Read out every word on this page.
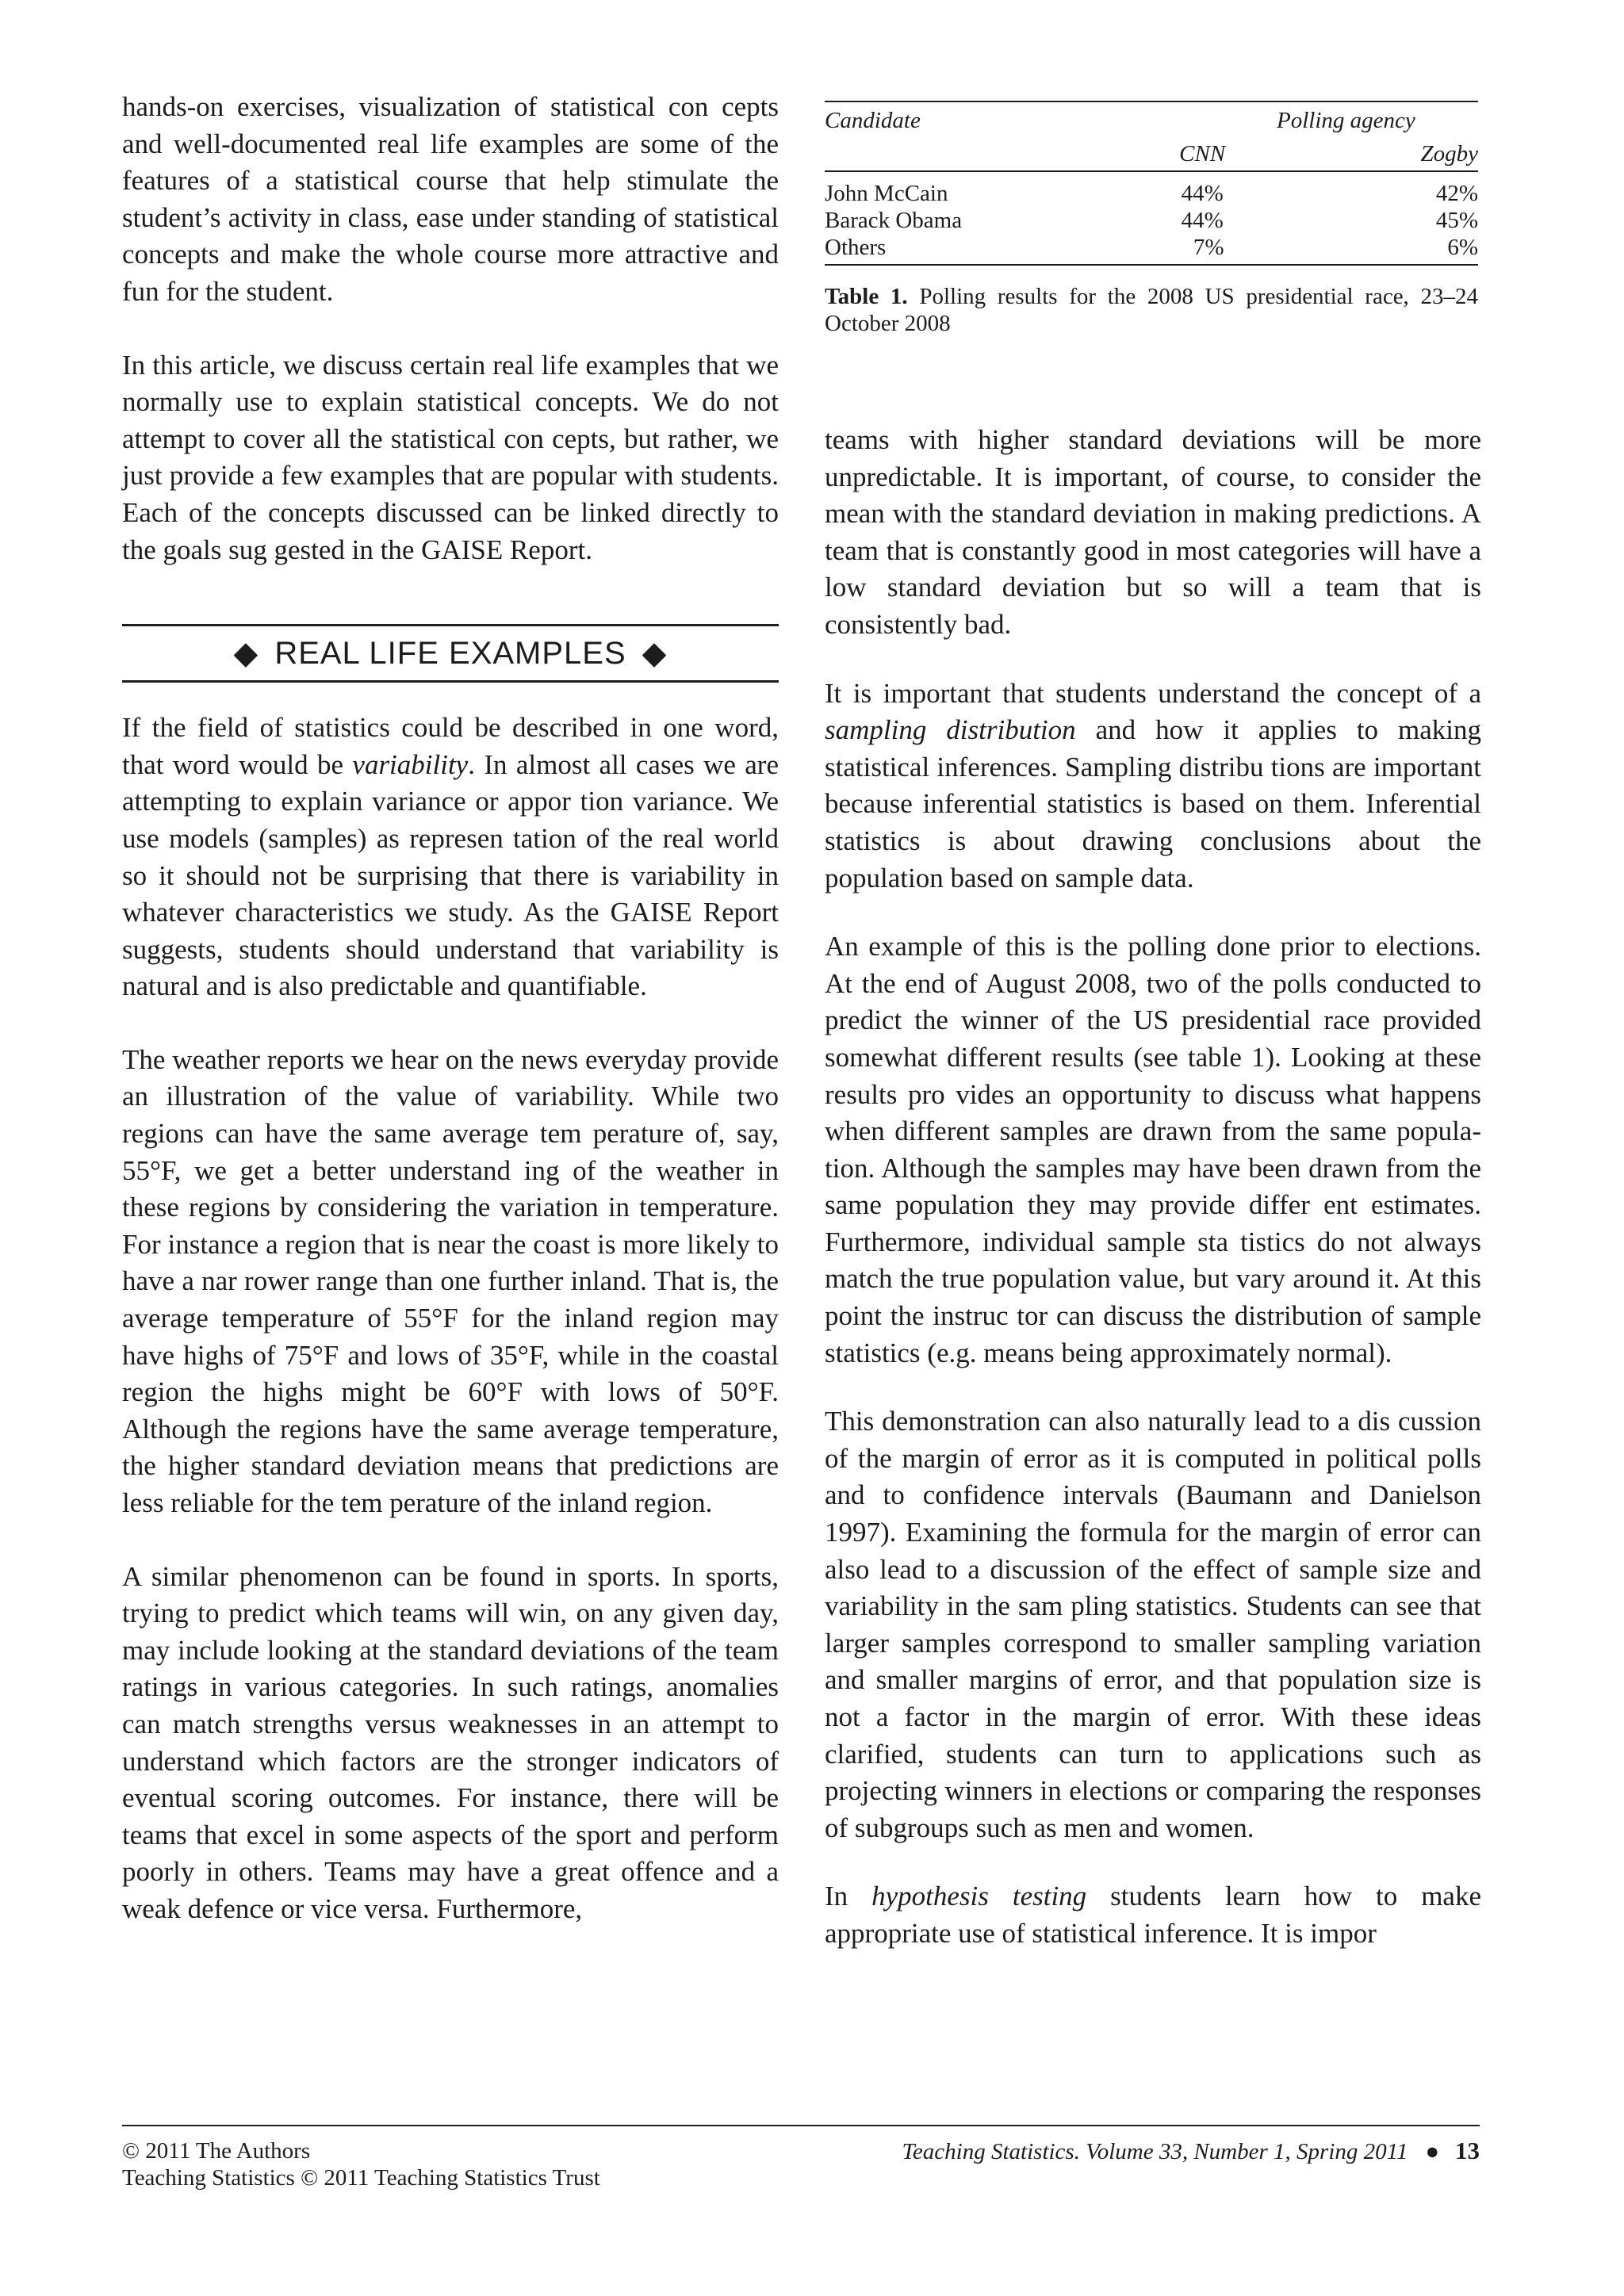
hands-on exercises, visualization of statistical con cepts and well-documented real life examples are some of the features of a statistical course that help stimulate the student’s activity in class, ease under standing of statistical concepts and make the whole course more attractive and fun for the student.

In this article, we discuss certain real life examples that we normally use to explain statistical concepts. We do not attempt to cover all the statistical con cepts, but rather, we just provide a few examples that are popular with students. Each of the concepts discussed can be linked directly to the goals sug gested in the GAISE Report.

◆ REAL LIFE EXAMPLES ◆

If the field of statistics could be described in one word, that word would be variability. In almost all cases we are attempting to explain variance or appor tion variance. We use models (samples) as represen tation of the real world so it should not be surprising that there is variability in whatever characteristics we study. As the GAISE Report suggests, students should understand that variability is natural and is also predictable and quantifiable.

The weather reports we hear on the news everyday provide an illustration of the value of variability. While two regions can have the same average tem perature of, say, 55°F, we get a better understand ing of the weather in these regions by considering the variation in temperature. For instance a region that is near the coast is more likely to have a nar rower range than one further inland. That is, the average temperature of 55°F for the inland region may have highs of 75°F and lows of 35°F, while in the coastal region the highs might be 60°F with lows of 50°F. Although the regions have the same average temperature, the higher standard deviation means that predictions are less reliable for the tem perature of the inland region.

A similar phenomenon can be found in sports. In sports, trying to predict which teams will win, on any given day, may include looking at the standard deviations of the team ratings in various categories. In such ratings, anomalies can match strengths versus weaknesses in an attempt to understand which factors are the stronger indicators of eventual scoring outcomes. For instance, there will be teams that excel in some aspects of the sport and perform poorly in others. Teams may have a great offence and a weak defence or vice versa. Furthermore,

Candidate	Polling agency	
	CNN	Zogby
John McCain	44%	42%
Barack Obama	44%	45%
Others	7%	6%
Table 1. Polling results for the 2008 US presidential race, 23–24 October 2008

teams with higher standard deviations will be more unpredictable. It is important, of course, to consider the mean with the standard deviation in making predictions. A team that is constantly good in most categories will have a low standard deviation but so will a team that is consistently bad.

It is important that students understand the concept of a sampling distribution and how it applies to making statistical inferences. Sampling distribu tions are important because inferential statistics is based on them. Inferential statistics is about drawing conclusions about the population based on sample data.

An example of this is the polling done prior to elections. At the end of August 2008, two of the polls conducted to predict the winner of the US presidential race provided somewhat different results (see table 1). Looking at these results pro vides an opportunity to discuss what happens when different samples are drawn from the same popula tion. Although the samples may have been drawn from the same population they may provide differ ent estimates. Furthermore, individual sample sta tistics do not always match the true population value, but vary around it. At this point the instruc tor can discuss the distribution of sample statistics (e.g. means being approximately normal).

This demonstration can also naturally lead to a dis cussion of the margin of error as it is computed in political polls and to confidence intervals (Baumann and Danielson 1997). Examining the formula for the margin of error can also lead to a discussion of the effect of sample size and variability in the sam pling statistics. Students can see that larger samples correspond to smaller sampling variation and smaller margins of error, and that population size is not a factor in the margin of error. With these ideas clarified, students can turn to applications such as projecting winners in elections or comparing the responses of subgroups such as men and women.

In hypothesis testing students learn how to make appropriate use of statistical inference. It is impor

© 2011 The Authors
Teaching Statistics © 2011 Teaching Statistics Trust
Teaching Statistics. Volume 33, Number 1, Spring 2011 ● 13
